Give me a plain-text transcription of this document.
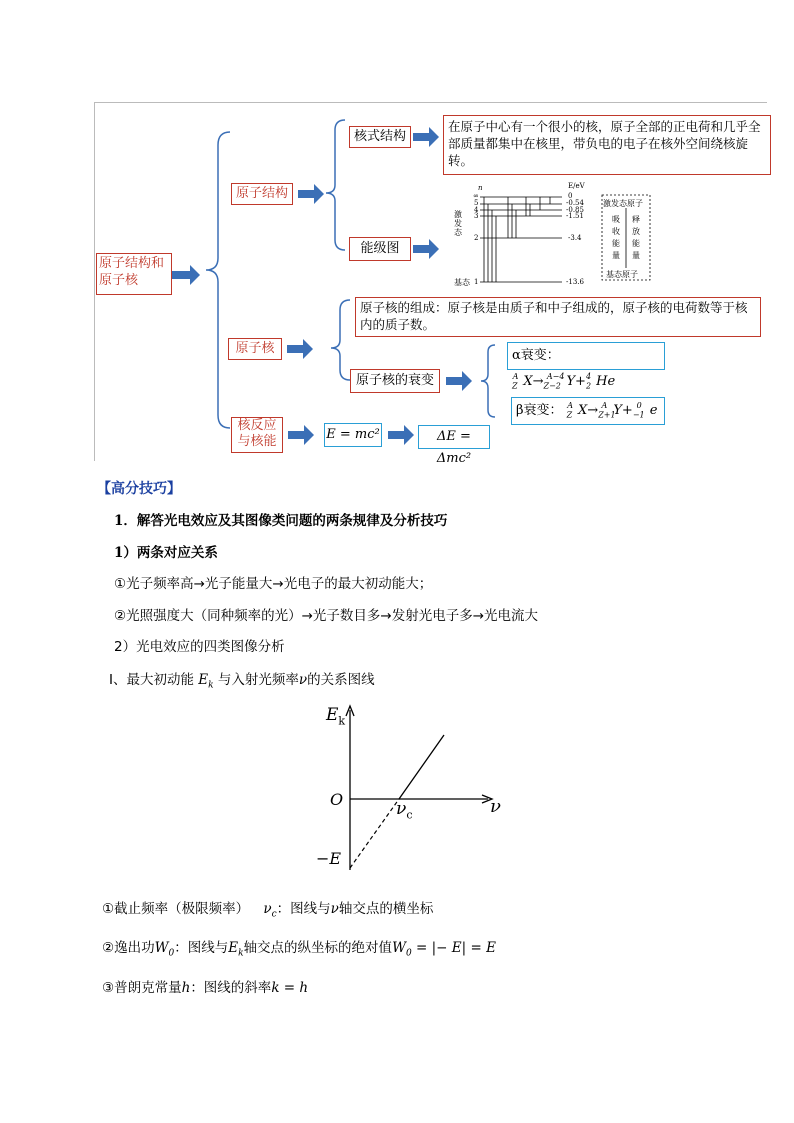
原子结构和原子核
原子结构
核式结构
在原子中心有一个很小的核，原子全部的正电荷和几乎全部质量都集中在核里，带负电的电子在核外空间绕核旋转。
能级图
n	E/eV
∞
5
4
3
2
1
0
-0.54
-0.85
-1.51
-3.4
-13.6
激发态
基态
激发态原子
基态原子
吸收能量
释放能量
原子核
原子核的组成：原子核是由质子和中子组成的，原子核的电荷数等于核内的质子数。
原子核的衰变
α衰变： $_Z^A$ $X\to_{Z-2}^{A-4}$ $Y+_2^4$ He
β衰变： $_Z^A$ $X\to_{Z+1}^A$ $Y+_{-1}^0$ e
核反应与核能	E = mc²	ΔE = Δmc²
【高分技巧】
1．解答光电效应及其图像类问题的两条规律及分析技巧
1）两条对应关系
①光子频率高→光子能量大→光电子的最大初动能大；
②光照强度大（同种频率的光）→光子数目多→发射光电子多→光电流大
2）光电效应的四类图像分析
Ⅰ、最大初动能 $E_k$ 与入射光频率ν的关系图线
$E_k$
O	ν
$\nu_c$
−E
①截止频率（极限频率） $\nu_c$：图线与ν轴交点的横坐标
②逸出功$W_0$：图线与$E_k$轴交点的纵坐标的绝对值$W_0$ = |− E| = E
③普朗克常量h：图线的斜率k = h
